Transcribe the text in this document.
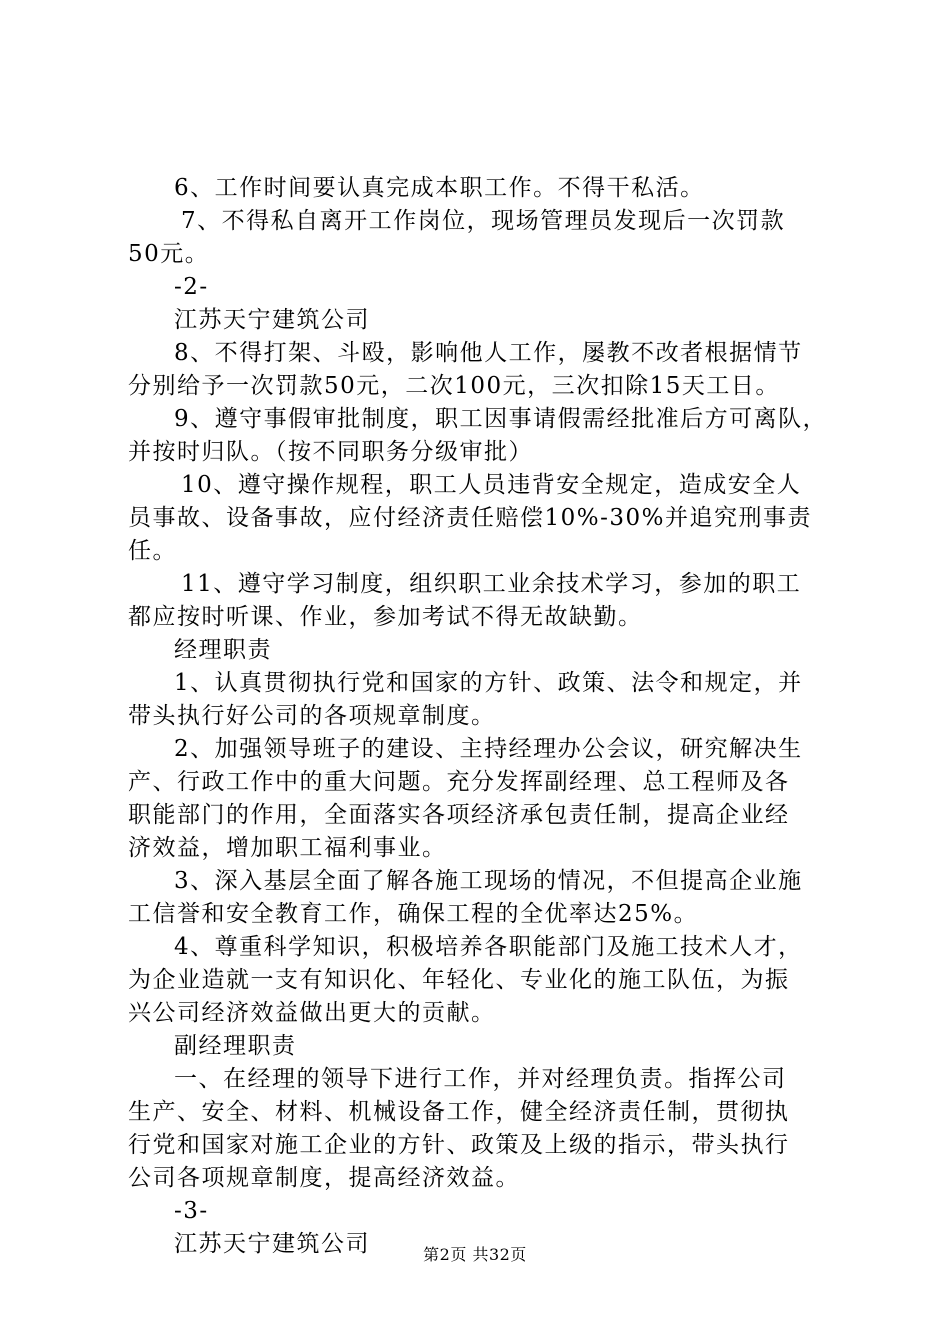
6、工作时间要认真完成本职工作。不得干私活。
7、不得私自离开工作岗位，现场管理员发现后一次罚款
50元。
-2-
江苏天宁建筑公司
8、不得打架、斗殴，影响他人工作，屡教不改者根据情节
分别给予一次罚款50元，二次100元，三次扣除15天工日。
9、遵守事假审批制度，职工因事请假需经批准后方可离队，
并按时归队。（按不同职务分级审批）
10、遵守操作规程，职工人员违背安全规定，造成安全人
员事故、设备事故，应付经济责任赔偿10%-30%并追究刑事责
任。
11、遵守学习制度，组织职工业余技术学习，参加的职工
都应按时听课、作业，参加考试不得无故缺勤。
经理职责
1、认真贯彻执行党和国家的方针、政策、法令和规定，并
带头执行好公司的各项规章制度。
2、加强领导班子的建设、主持经理办公会议，研究解决生
产、行政工作中的重大问题。充分发挥副经理、总工程师及各
职能部门的作用，全面落实各项经济承包责任制，提高企业经
济效益，增加职工福利事业。
3、深入基层全面了解各施工现场的情况，不但提高企业施
工信誉和安全教育工作，确保工程的全优率达25%。
4、尊重科学知识，积极培养各职能部门及施工技术人才，
为企业造就一支有知识化、年轻化、专业化的施工队伍，为振
兴公司经济效益做出更大的贡献。
副经理职责
一、在经理的领导下进行工作，并对经理负责。指挥公司
生产、安全、材料、机械设备工作，健全经济责任制，贯彻执
行党和国家对施工企业的方针、政策及上级的指示，带头执行
公司各项规章制度，提高经济效益。
-3-
江苏天宁建筑公司	第2页 共32页
